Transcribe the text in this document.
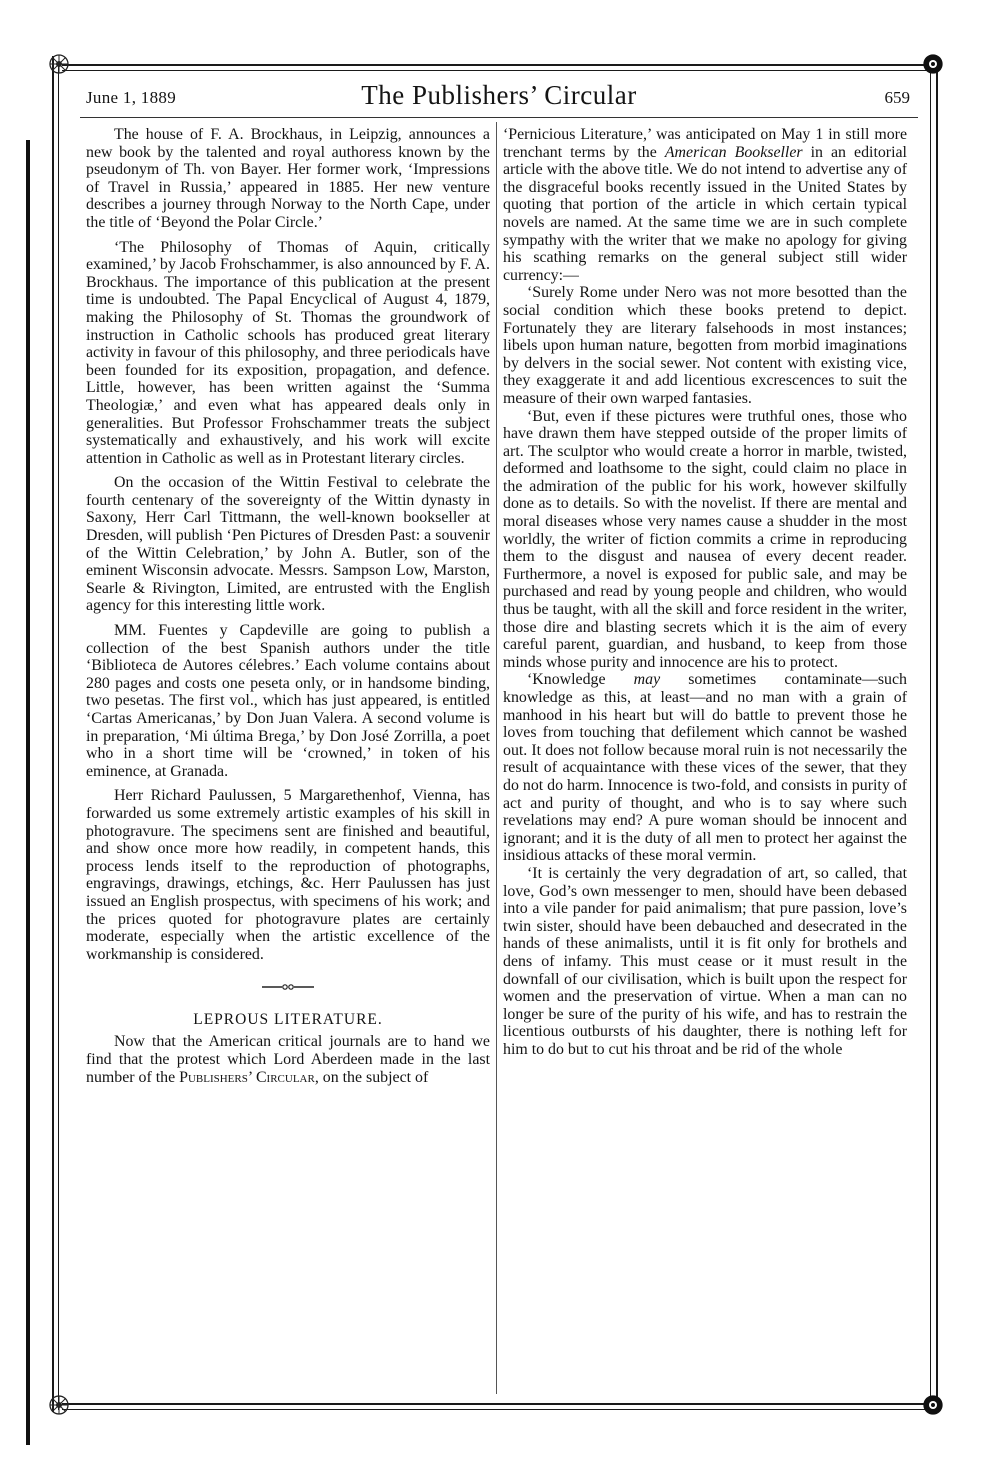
June 1, 1889	The Publishers’ Circular	659

The house of F. A. Brockhaus, in Leipzig, announces a new book by the talented and royal authoress known by the pseudonym of Th. von Bayer. Her former work, ‘Impressions of Travel in Russia,’ appeared in 1885. Her new venture describes a journey through Norway to the North Cape, under the title of ‘Beyond the Polar Circle.’

‘The Philosophy of Thomas of Aquin, critically examined,’ by Jacob Frohschammer, is also announced by F. A. Brockhaus. The importance of this publication at the present time is undoubted. The Papal Encyclical of August 4, 1879, making the Philosophy of St. Thomas the groundwork of instruction in Catholic schools has produced great literary activity in favour of this philosophy, and three periodicals have been founded for its exposition, propagation, and defence. Little, however, has been written against the ‘Summa Theologiæ,’ and even what has appeared deals only in generalities. But Professor Frohschammer treats the subject systematically and exhaustively, and his work will excite attention in Catholic as well as in Protestant literary circles.

On the occasion of the Wittin Festival to celebrate the fourth centenary of the sovereignty of the Wittin dynasty in Saxony, Herr Carl Tittmann, the well-known bookseller at Dresden, will publish ‘Pen Pictures of Dresden Past: a souvenir of the Wittin Celebration,’ by John A. Butler, son of the eminent Wisconsin advocate. Messrs. Sampson Low, Marston, Searle & Rivington, Limited, are entrusted with the English agency for this interesting little work.

MM. Fuentes y Capdeville are going to publish a collection of the best Spanish authors under the title ‘Biblioteca de Autores célebres.’ Each volume contains about 280 pages and costs one peseta only, or in handsome binding, two pesetas. The first vol., which has just appeared, is entitled ‘Cartas Americanas,’ by Don Juan Valera. A second volume is in preparation, ‘Mi última Brega,’ by Don José Zorrilla, a poet who in a short time will be ‘crowned,’ in token of his eminence, at Granada.

Herr Richard Paulussen, 5 Margarethenhof, Vienna, has forwarded us some extremely artistic examples of his skill in photogravure. The specimens sent are finished and beautiful, and show once more how readily, in competent hands, this process lends itself to the reproduction of photographs, engravings, drawings, etchings, &c. Herr Paulussen has just issued an English prospectus, with specimens of his work; and the prices quoted for photogravure plates are certainly moderate, especially when the artistic excellence of the workmanship is considered.

LEPROUS LITERATURE.

Now that the American critical journals are to hand we find that the protest which Lord Aberdeen made in the last number of the Publishers’ Circular, on the subject of

‘Pernicious Literature,’ was anticipated on May 1 in still more trenchant terms by the American Bookseller in an editorial article with the above title. We do not intend to advertise any of the disgraceful books recently issued in the United States by quoting that portion of the article in which certain typical novels are named. At the same time we are in such complete sympathy with the writer that we make no apology for giving his scathing remarks on the general subject still wider currency:—

‘Surely Rome under Nero was not more besotted than the social condition which these books pretend to depict. Fortunately they are literary falsehoods in most instances; libels upon human nature, begotten from morbid imaginations by delvers in the social sewer. Not content with existing vice, they exaggerate it and add licentious excrescences to suit the measure of their own warped fantasies.

‘But, even if these pictures were truthful ones, those who have drawn them have stepped outside of the proper limits of art. The sculptor who would create a horror in marble, twisted, deformed and loathsome to the sight, could claim no place in the admiration of the public for his work, however skilfully done as to details. So with the novelist. If there are mental and moral diseases whose very names cause a shudder in the most worldly, the writer of fiction commits a crime in reproducing them to the disgust and nausea of every decent reader. Furthermore, a novel is exposed for public sale, and may be purchased and read by young people and children, who would thus be taught, with all the skill and force resident in the writer, those dire and blasting secrets which it is the aim of every careful parent, guardian, and husband, to keep from those minds whose purity and innocence are his to protect.

‘Knowledge may sometimes contaminate—such knowledge as this, at least—and no man with a grain of manhood in his heart but will do battle to prevent those he loves from touching that defilement which cannot be washed out. It does not follow because moral ruin is not necessarily the result of acquaintance with these vices of the sewer, that they do not do harm. Innocence is two-fold, and consists in purity of act and purity of thought, and who is to say where such revelations may end? A pure woman should be innocent and ignorant; and it is the duty of all men to protect her against the insidious attacks of these moral vermin.

‘It is certainly the very degradation of art, so called, that love, God’s own messenger to men, should have been debased into a vile pander for paid animalism; that pure passion, love’s twin sister, should have been debauched and desecrated in the hands of these animalists, until it is fit only for brothels and dens of infamy. This must cease or it must result in the downfall of our civilisation, which is built upon the respect for women and the preservation of virtue. When a man can no longer be sure of the purity of his wife, and has to restrain the licentious outbursts of his daughter, there is nothing left for him to do but to cut his throat and be rid of the whole
